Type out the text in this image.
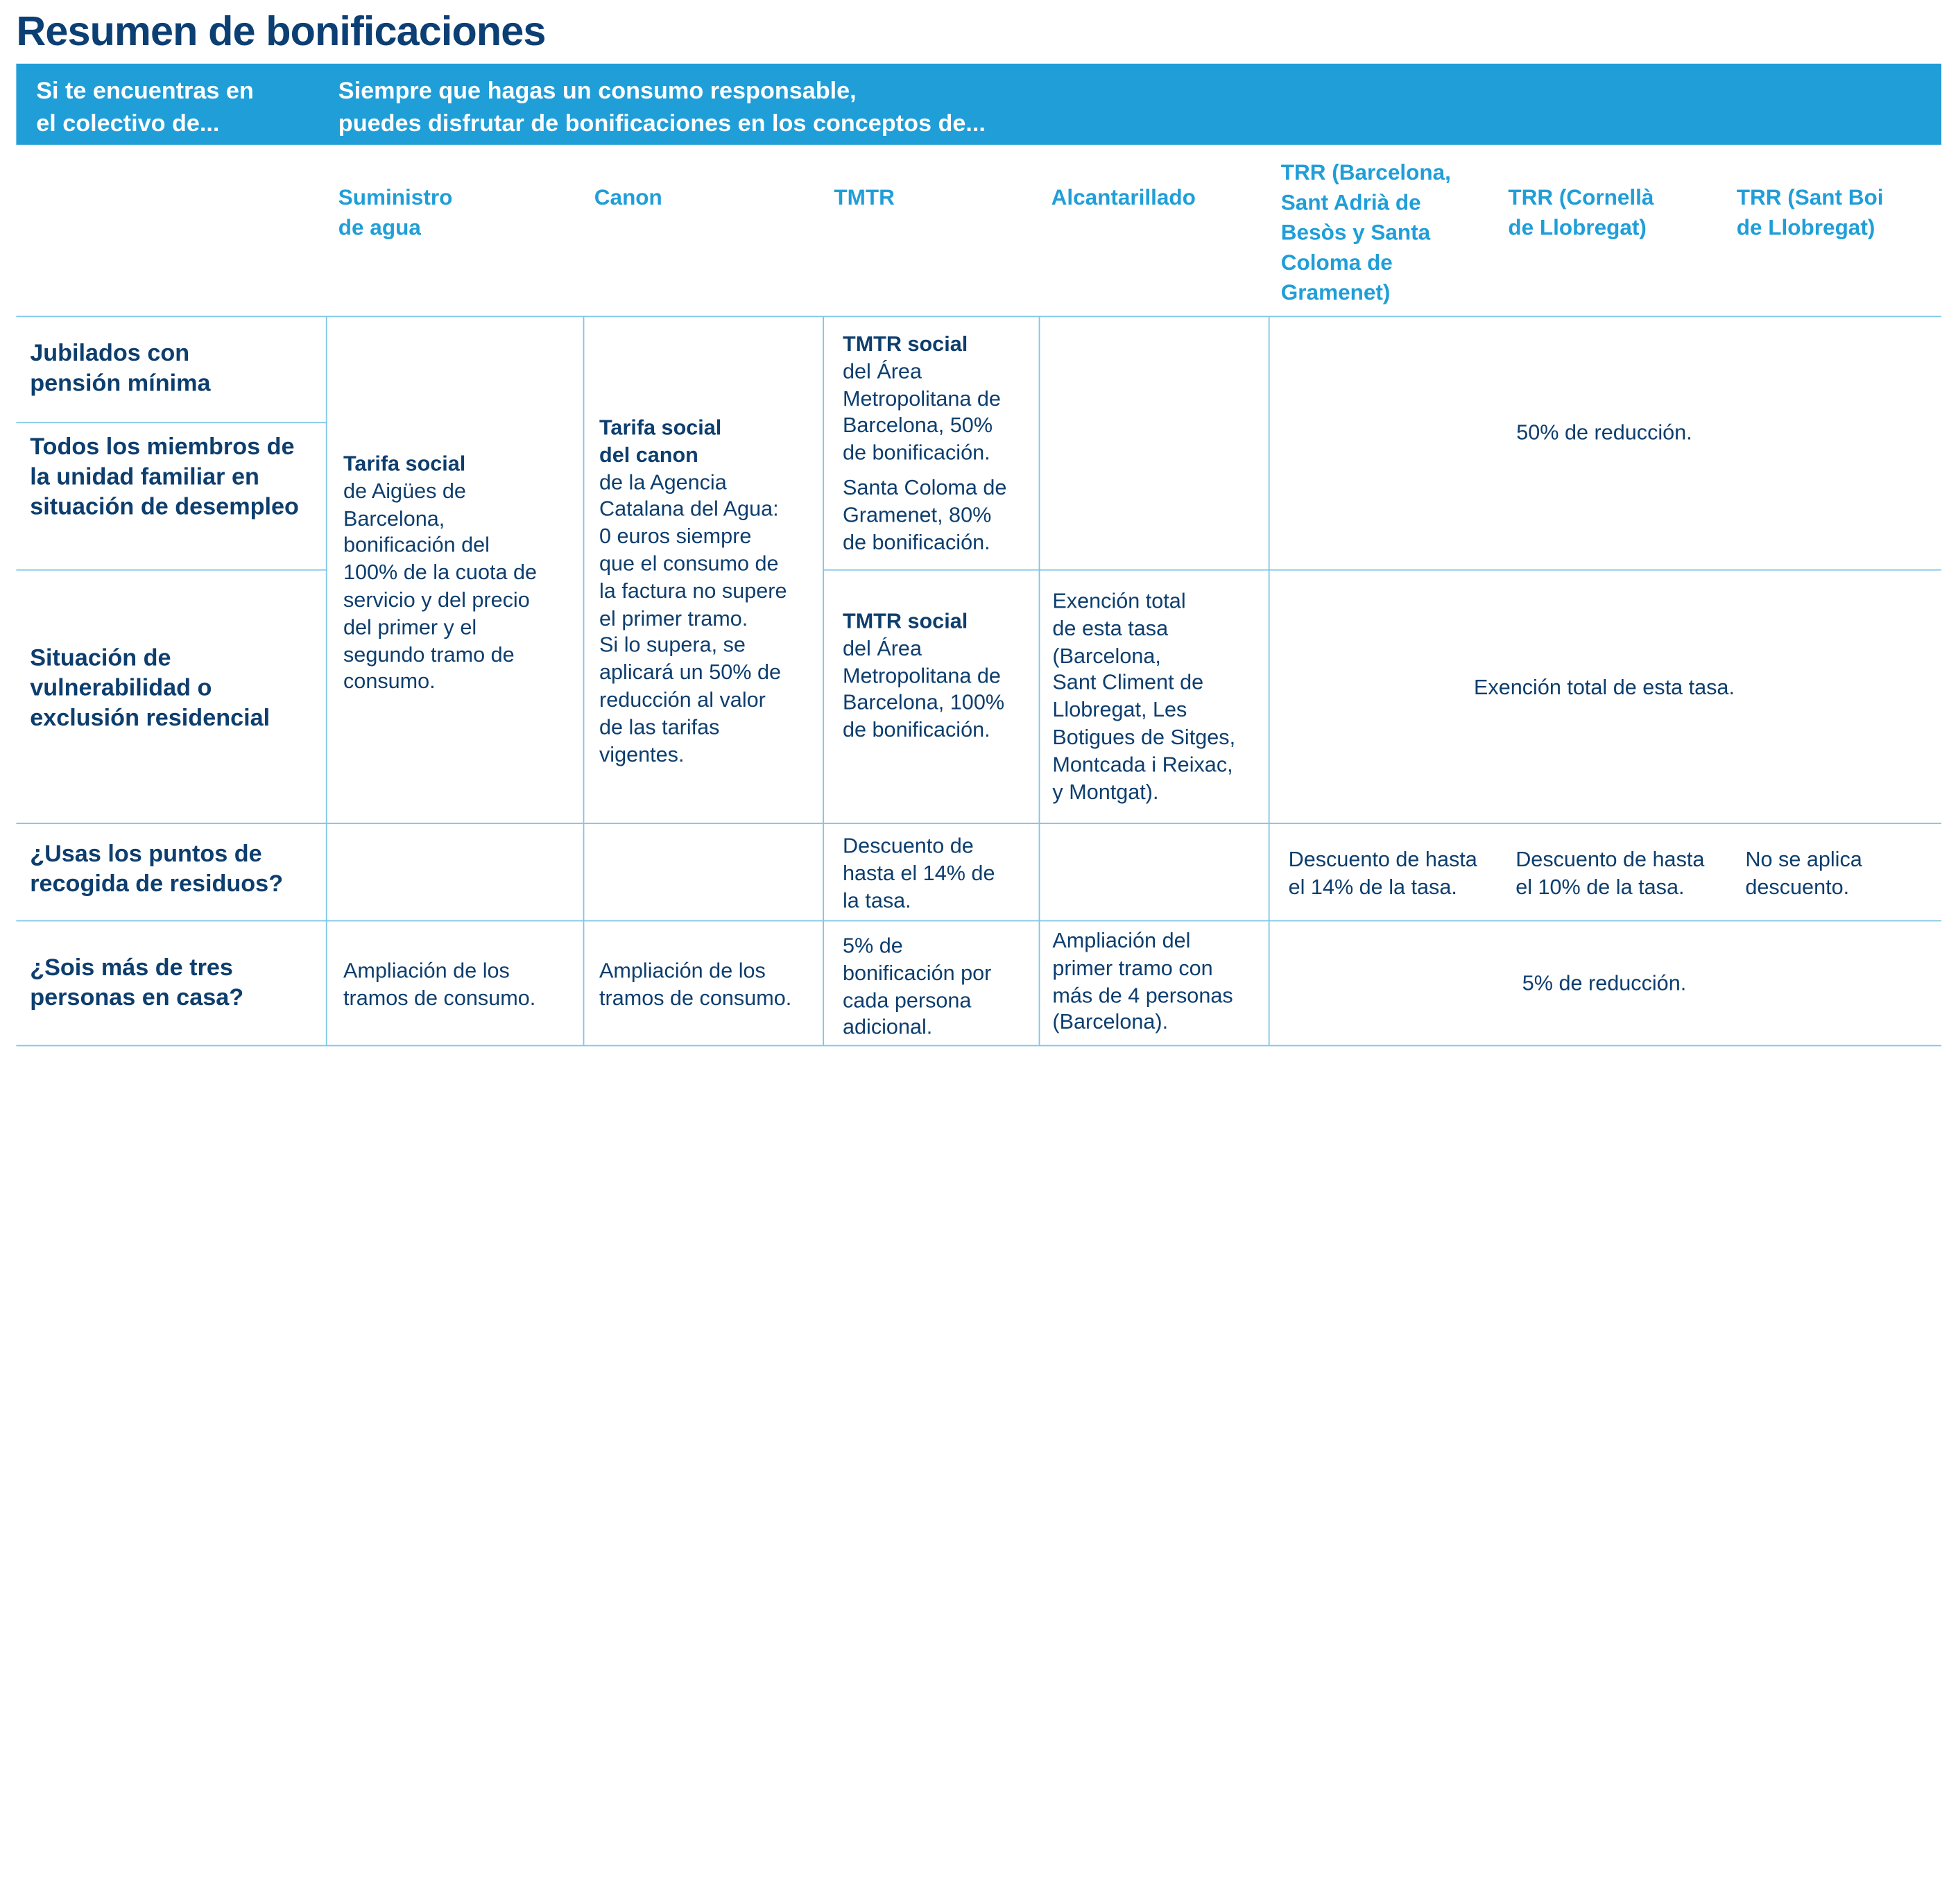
Resumen de bonificaciones
Si te encuentras en
el colectivo de...
Siempre que hagas un consumo responsable,
puedes disfrutar de bonificaciones en los conceptos de...
Suministro
de agua
Canon	TMTR	Alcantarillado
TRR (Barcelona,
Sant Adrià de
Besòs y Santa
Coloma de
Gramenet)
TRR (Cornellà
de Llobregat)
TRR (Sant Boi
de Llobregat)
Jubilados con
pensión mínima
Todos los miembros de
la unidad familiar en
situación de desempleo
Situación de
vulnerabilidad o
exclusión residencial
¿Usas los puntos de
recogida de residuos?
¿Sois más de tres
personas en casa?
Tarifa social
de Aigües de
Barcelona,
bonificación del
100% de la cuota de
servicio y del precio
del primer y el
segundo tramo de
consumo.
Tarifa social
del canon
de la Agencia
Catalana del Agua:
0 euros siempre
que el consumo de
la factura no supere
el primer tramo.
Si lo supera, se
aplicará un 50% de
reducción al valor
de las tarifas
vigentes.
TMTR social
del Área
Metropolitana de
Barcelona, 50%
de bonificación.
Santa Coloma de
Gramenet, 80%
de bonificación.
50% de reducción.
TMTR social
del Área
Metropolitana de
Barcelona, 100%
de bonificación.
Exención total
de esta tasa
(Barcelona,
Sant Climent de
Llobregat, Les
Botigues de Sitges,
Montcada i Reixac,
y Montgat).
Exención total de esta tasa.
Descuento de
hasta el 14% de
la tasa.
Descuento de hasta
el 14% de la tasa.
Descuento de hasta
el 10% de la tasa.
No se aplica
descuento.
Ampliación de los
tramos de consumo.
Ampliación de los
tramos de consumo.
5% de
bonificación por
cada persona
adicional.
Ampliación del
primer tramo con
más de 4 personas
(Barcelona).
5% de reducción.
